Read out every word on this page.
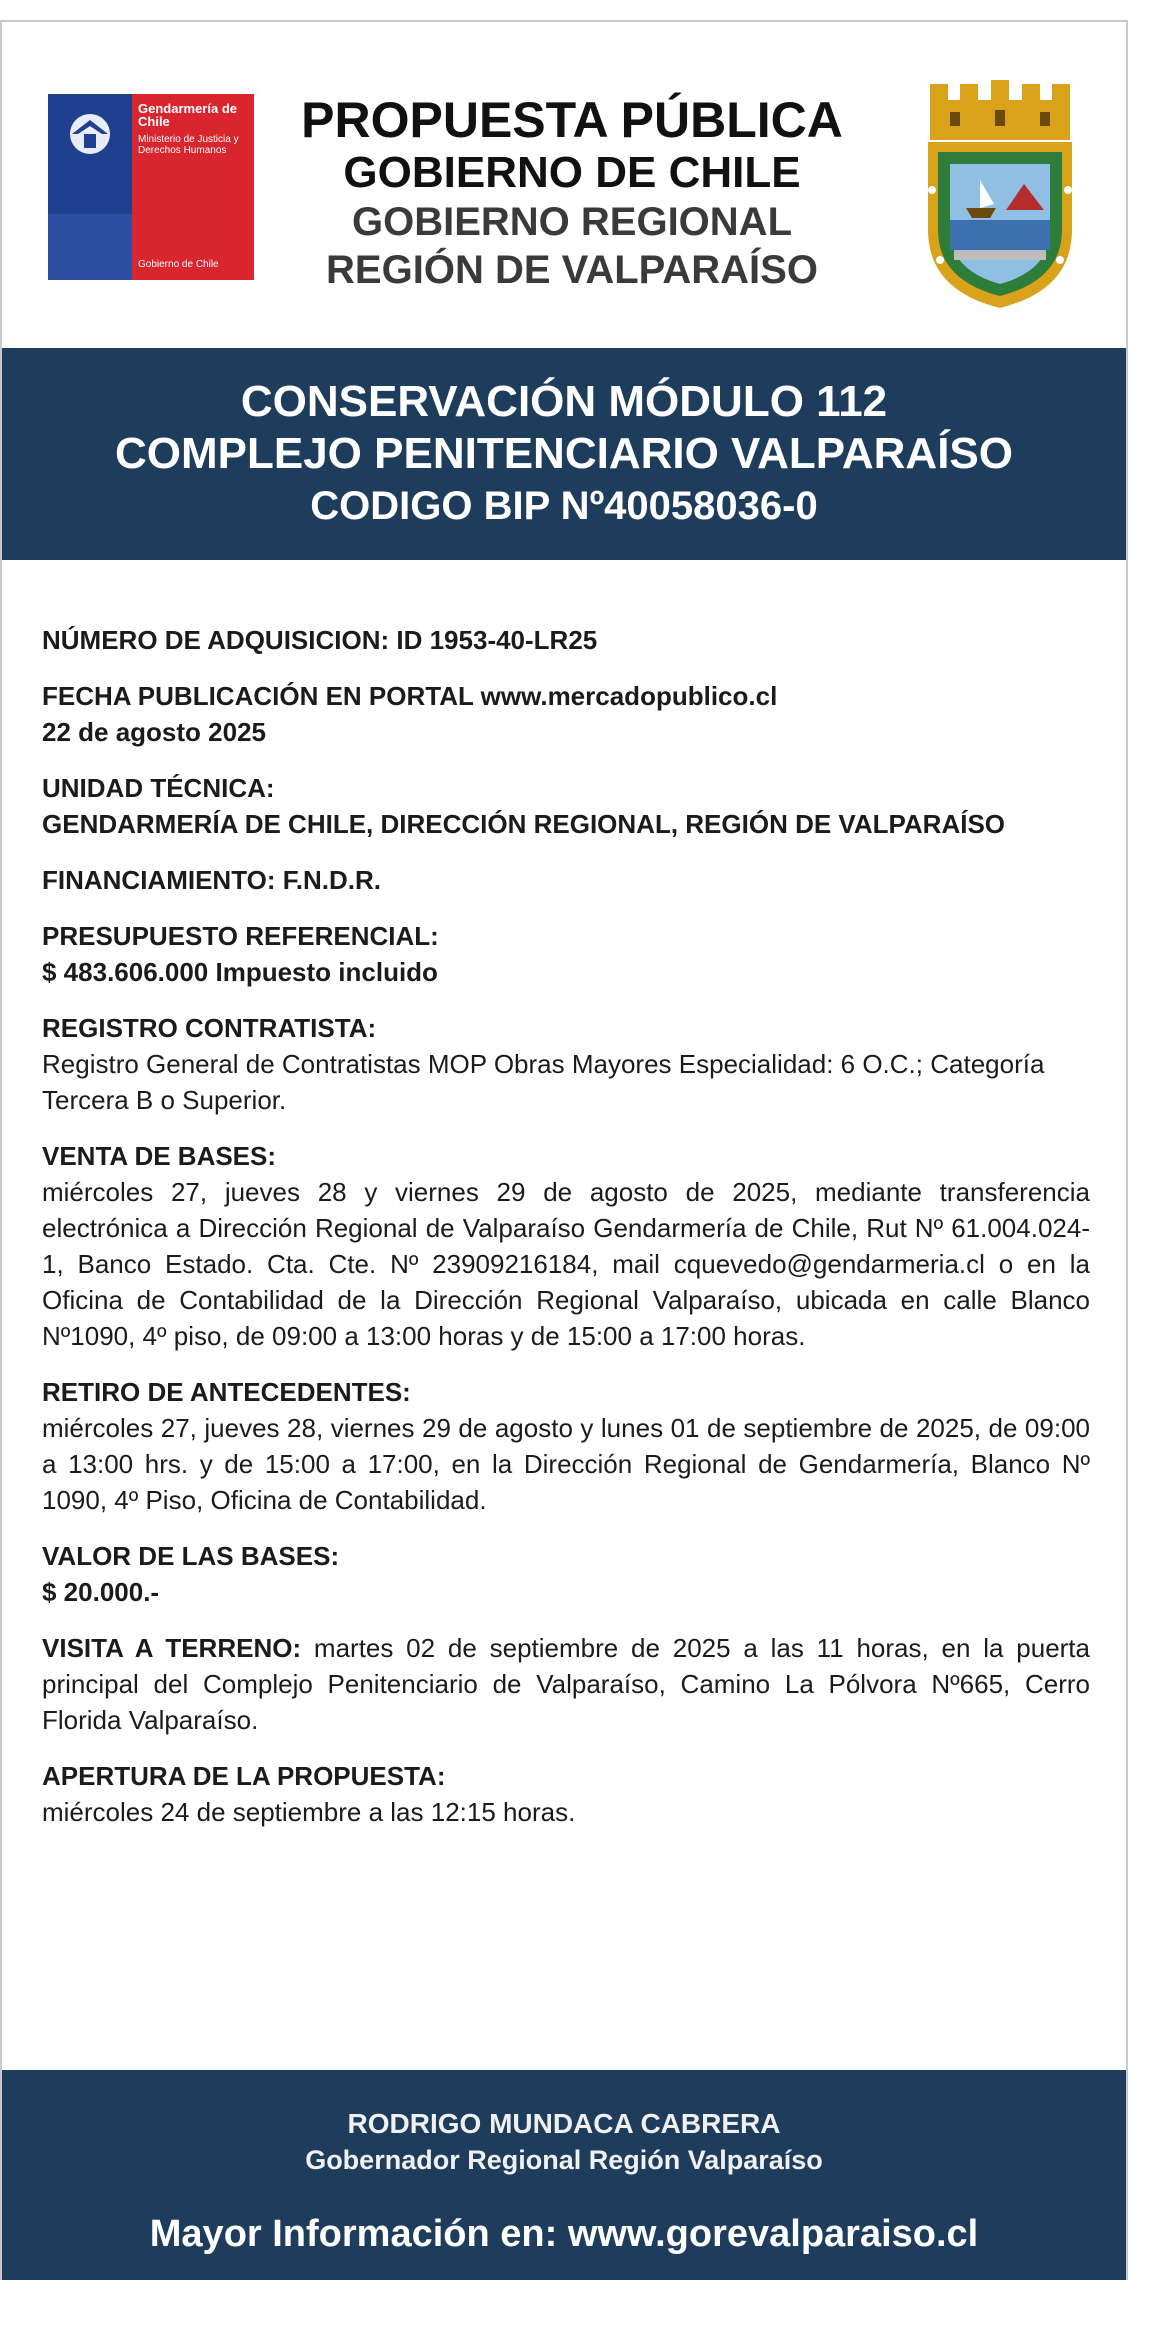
Gendarmería de Chile
Ministerio de Justicia y Derechos Humanos
Gobierno de Chile
PROPUESTA PÚBLICA
GOBIERNO DE CHILE
GOBIERNO REGIONAL
REGIÓN DE VALPARAÍSO
CONSERVACIÓN MÓDULO 112
COMPLEJO PENITENCIARIO VALPARAÍSO
CODIGO BIP Nº40058036-0
NÚMERO DE ADQUISICION: ID 1953-40-LR25
FECHA PUBLICACIÓN EN PORTAL www.mercadopublico.cl
22 de agosto 2025
UNIDAD TÉCNICA:
GENDARMERÍA DE CHILE, DIRECCIÓN REGIONAL, REGIÓN DE VALPARAÍSO
FINANCIAMIENTO: F.N.D.R.
PRESUPUESTO REFERENCIAL:
$ 483.606.000 Impuesto incluido
REGISTRO CONTRATISTA:
Registro General de Contratistas MOP Obras Mayores Especialidad: 6 O.C.; Categoría Tercera B o Superior.
VENTA DE BASES:
miércoles 27, jueves 28 y viernes 29 de agosto de 2025, mediante transferencia electrónica a Dirección Regional de Valparaíso Gendarmería de Chile, Rut Nº 61.004.024-1, Banco Estado. Cta. Cte. Nº 23909216184, mail cquevedo@gendarmeria.cl o en la Oficina de Contabilidad de la Dirección Regional Valparaíso, ubicada en calle Blanco Nº1090, 4º piso, de 09:00 a 13:00 horas y de 15:00 a 17:00 horas.
RETIRO DE ANTECEDENTES:
miércoles 27, jueves 28, viernes 29 de agosto y lunes 01 de septiembre de 2025, de 09:00 a 13:00 hrs. y de 15:00 a 17:00, en la Dirección Regional de Gendarmería, Blanco Nº 1090, 4º Piso, Oficina de Contabilidad.
VALOR DE LAS BASES:
$ 20.000.-
VISITA A TERRENO: martes 02 de septiembre de 2025 a las 11 horas, en la puerta principal del Complejo Penitenciario de Valparaíso, Camino La Pólvora Nº665, Cerro Florida Valparaíso.
APERTURA DE LA PROPUESTA:
miércoles 24 de septiembre a las 12:15 horas.
RODRIGO MUNDACA CABRERA
Gobernador Regional Región Valparaíso
Mayor Información en: www.gorevalparaiso.cl
